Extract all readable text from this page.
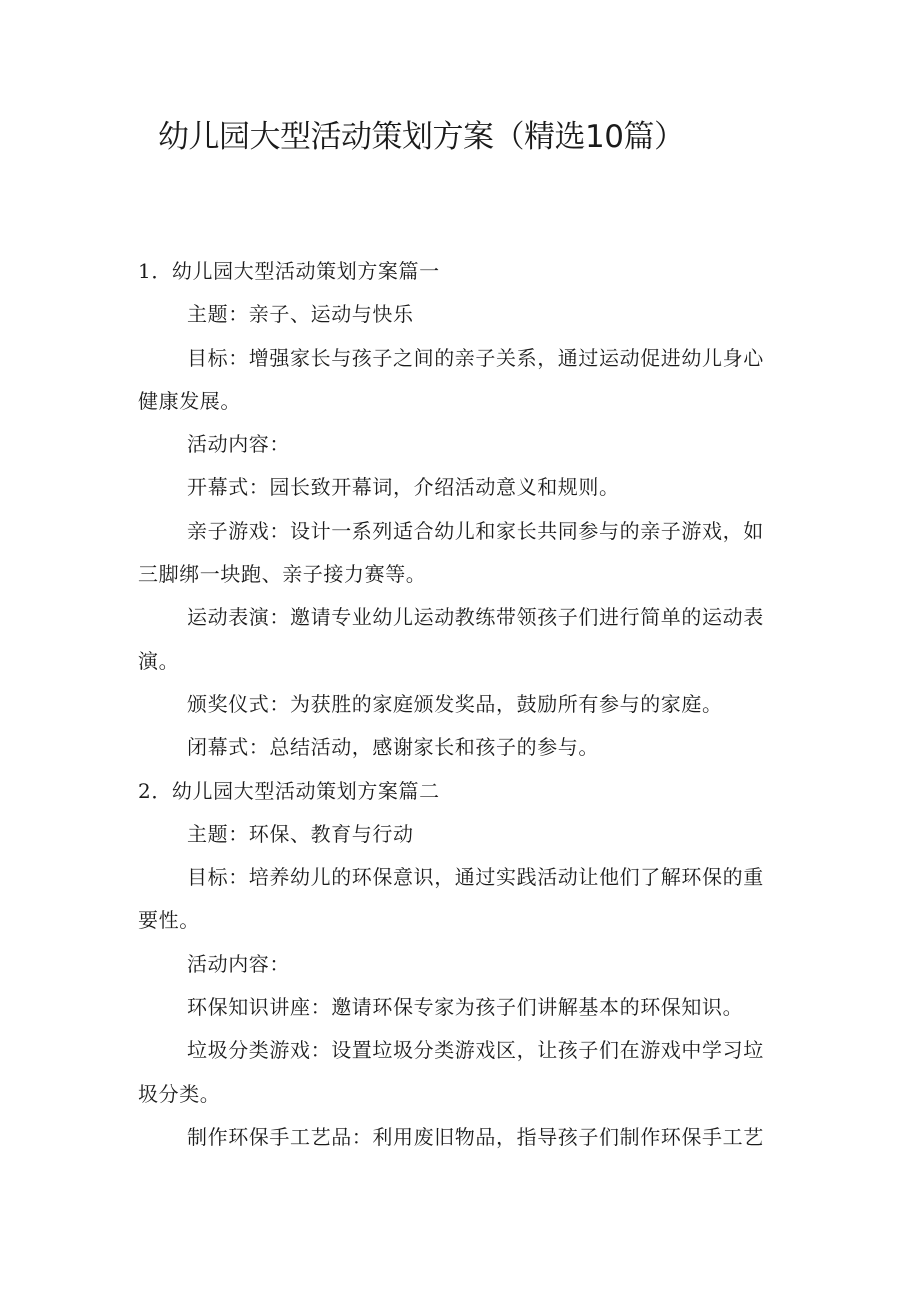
幼儿园大型活动策划方案（精选10篇）

1．幼儿园大型活动策划方案篇一

主题：亲子、运动与快乐

目标：增强家长与孩子之间的亲子关系，通过运动促进幼儿身心

健康发展。

活动内容：

开幕式：园长致开幕词，介绍活动意义和规则。

亲子游戏：设计一系列适合幼儿和家长共同参与的亲子游戏，如

三脚绑一块跑、亲子接力赛等。

运动表演：邀请专业幼儿运动教练带领孩子们进行简单的运动表

演。

颁奖仪式：为获胜的家庭颁发奖品，鼓励所有参与的家庭。

闭幕式：总结活动，感谢家长和孩子的参与。

2．幼儿园大型活动策划方案篇二

主题：环保、教育与行动

目标：培养幼儿的环保意识，通过实践活动让他们了解环保的重

要性。

活动内容：

环保知识讲座：邀请环保专家为孩子们讲解基本的环保知识。

垃圾分类游戏：设置垃圾分类游戏区，让孩子们在游戏中学习垃

圾分类。

制作环保手工艺品：利用废旧物品，指导孩子们制作环保手工艺
